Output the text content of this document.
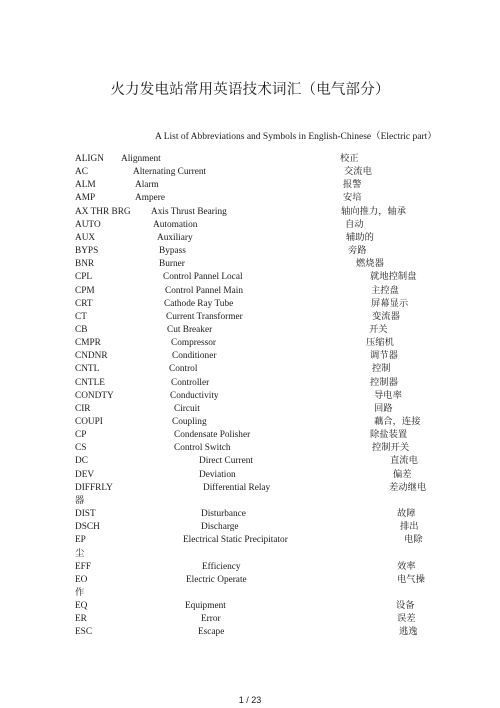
火力发电站常用英语技术词汇（电气部分）
A List of Abbreviations and Symbols in English-Chinese（Electric part）
ALIGN Alignment	校正
AC	Alternating Current	交流电
ALM	Alarm	报警
AMP	Ampere	安培
AX THR BRG Axis Thrust Bearing	轴向推力，轴承
AUTO	Automation	自动
AUX	Auxiliary	辅助的
BYPS	Bypass	旁路
BNR	Burner	燃烧器
CPL	Control Pannel Local	就地控制盘
CPM	Control Pannel Main	主控盘
CRT	Cathode Ray Tube	屏幕显示
CT	Current Transformer	变流器
CB	Cut Breaker	开关
CMPR	Compressor	压缩机
CNDNR	Conditioner	调节器
CNTL	Control	控制
CNTLE	Controller	控制器
CONDTY	Conductivity	导电率
CIR	Circuit	回路
COUPI	Coupling	藕合，连接
CP	Condensate Polisher	除盐装置
CS	Control Switch	控制开关
DC	Direct Current	直流电
DEV	Deviation	偏差
DIFFRLY	Differential Relay	差动继电
器
DIST	Disturbance	故障
DSCH	Discharge	排出
EP	Electrical Static Precipitator	电除
尘
EFF	Efficiency	效率
EO	Electric Operate	电气操
作
EQ	Equipment	设备
ER	Error	误差
ESC	Escape	逃逸
1 / 23
